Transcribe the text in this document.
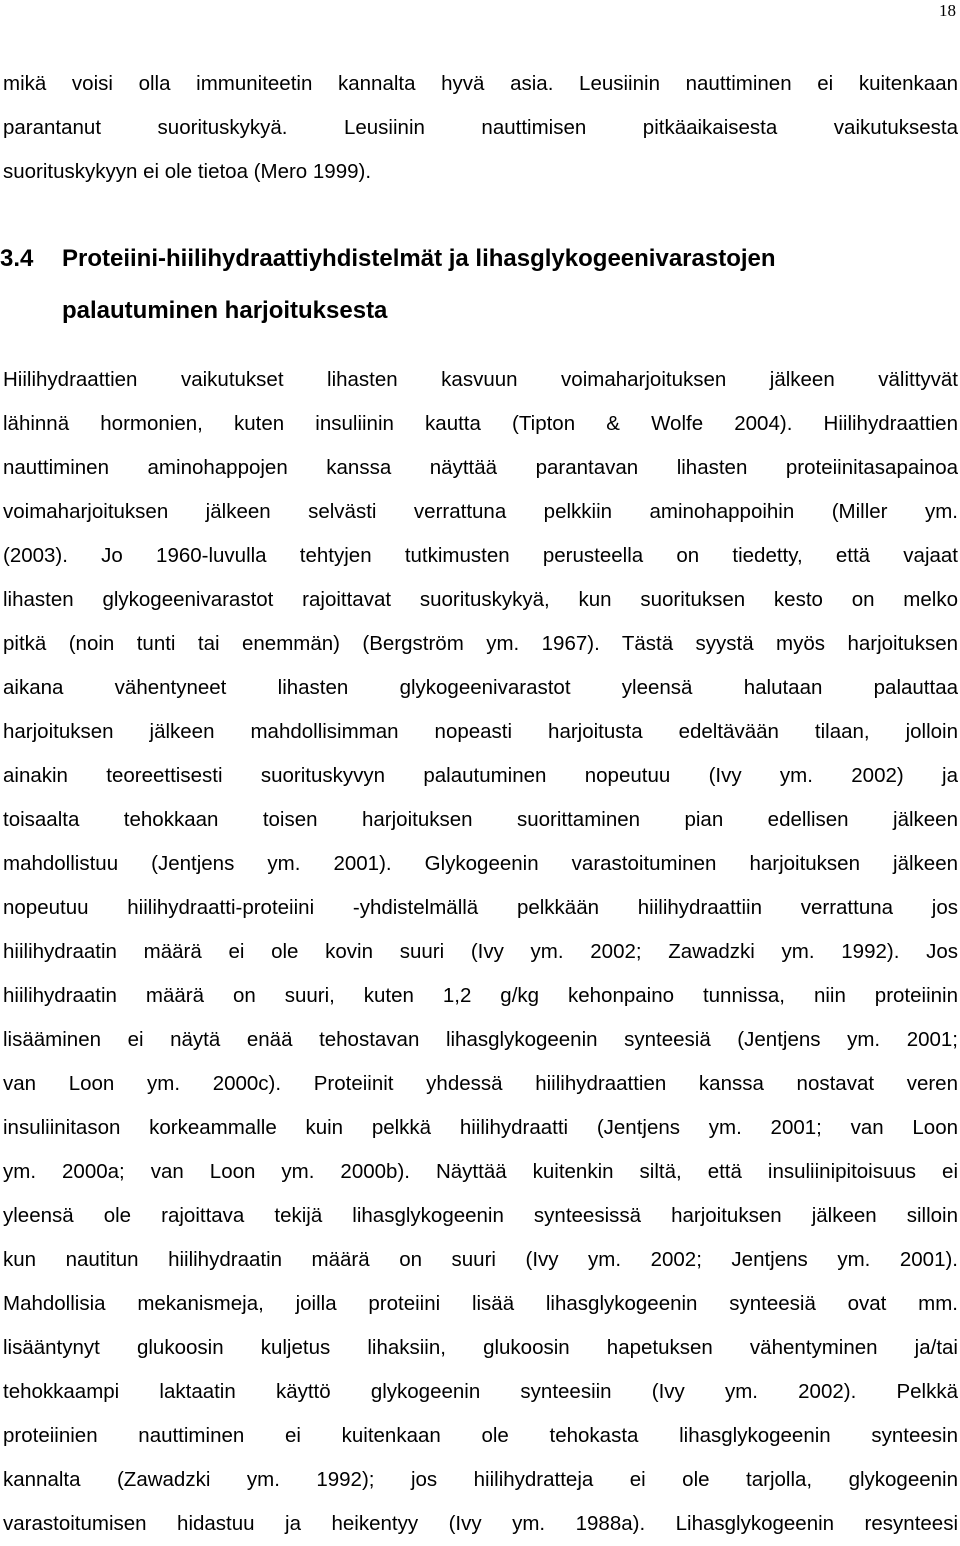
18
mikä voisi olla immuniteetin kannalta hyvä asia. Leusiinin nauttiminen ei kuitenkaan
parantanut suorituskykyä. Leusiinin nauttimisen pitkäaikaisesta vaikutuksesta
suorituskykyyn ei ole tietoa (Mero 1999).
3.4 Proteiini-hiilihydraattiyhdistelmät ja lihasglykogeenivarastojen
palautuminen harjoituksesta
Hiilihydraattien vaikutukset lihasten kasvuun voimaharjoituksen jälkeen välittyvät
lähinnä hormonien, kuten insuliinin kautta (Tipton & Wolfe 2004). Hiilihydraattien
nauttiminen aminohappojen kanssa näyttää parantavan lihasten proteiinitasapainoa
voimaharjoituksen jälkeen selvästi verrattuna pelkkiin aminohappoihin (Miller ym.
(2003). Jo 1960-luvulla tehtyjen tutkimusten perusteella on tiedetty, että vajaat
lihasten glykogeenivarastot rajoittavat suorituskykyä, kun suorituksen kesto on melko
pitkä (noin tunti tai enemmän) (Bergström ym. 1967). Tästä syystä myös harjoituksen
aikana vähentyneet lihasten glykogeenivarastot yleensä halutaan palauttaa
harjoituksen jälkeen mahdollisimman nopeasti harjoitusta edeltävään tilaan, jolloin
ainakin teoreettisesti suorituskyvyn palautuminen nopeutuu (Ivy ym. 2002) ja
toisaalta tehokkaan toisen harjoituksen suorittaminen pian edellisen jälkeen
mahdollistuu (Jentjens ym. 2001). Glykogeenin varastoituminen harjoituksen jälkeen
nopeutuu hiilihydraatti-proteiini -yhdistelmällä pelkkään hiilihydraattiin verrattuna jos
hiilihydraatin määrä ei ole kovin suuri (Ivy ym. 2002; Zawadzki ym. 1992). Jos
hiilihydraatin määrä on suuri, kuten 1,2 g/kg kehonpaino tunnissa, niin proteiinin
lisääminen ei näytä enää tehostavan lihasglykogeenin synteesiä (Jentjens ym. 2001;
van Loon ym. 2000c). Proteiinit yhdessä hiilihydraattien kanssa nostavat veren
insuliinitason korkeammalle kuin pelkkä hiilihydraatti (Jentjens ym. 2001; van Loon
ym. 2000a; van Loon ym. 2000b). Näyttää kuitenkin siltä, että insuliinipitoisuus ei
yleensä ole rajoittava tekijä lihasglykogeenin synteesissä harjoituksen jälkeen silloin
kun nautitun hiilihydraatin määrä on suuri (Ivy ym. 2002; Jentjens ym. 2001).
Mahdollisia mekanismeja, joilla proteiini lisää lihasglykogeenin synteesiä ovat mm.
lisääntynyt glukoosin kuljetus lihaksiin, glukoosin hapetuksen vähentyminen ja/tai
tehokkaampi laktaatin käyttö glykogeenin synteesiin (Ivy ym. 2002). Pelkkä
proteiinien nauttiminen ei kuitenkaan ole tehokasta lihasglykogeenin synteesin
kannalta (Zawadzki ym. 1992); jos hiilihydratteja ei ole tarjolla, glykogeenin
varastoitumisen hidastuu ja heikentyy (Ivy ym. 1988a). Lihasglykogeenin resynteesi
